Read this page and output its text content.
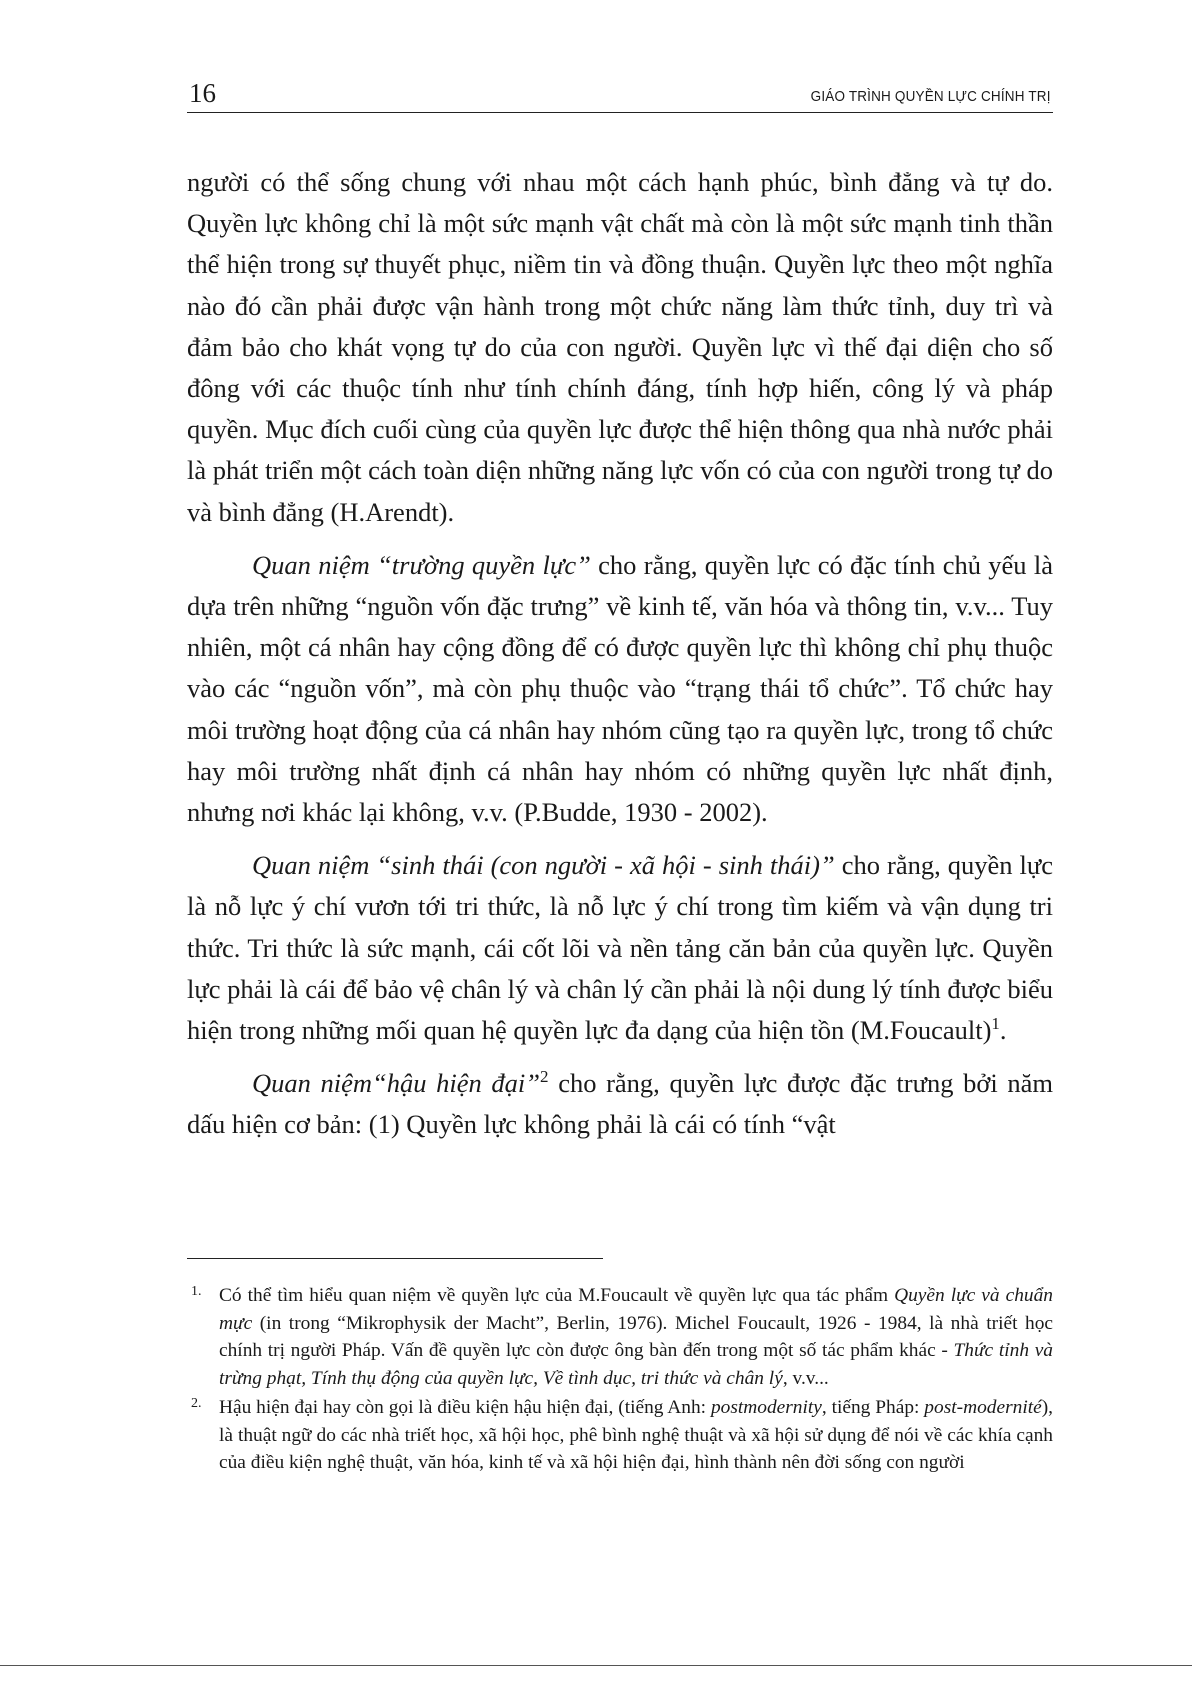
16	GIÁO TRÌNH QUYỀN LỰC CHÍNH TRỊ

người có thể sống chung với nhau một cách hạnh phúc, bình đẳng và tự do. Quyền lực không chỉ là một sức mạnh vật chất mà còn là một sức mạnh tinh thần thể hiện trong sự thuyết phục, niềm tin và đồng thuận. Quyền lực theo một nghĩa nào đó cần phải được vận hành trong một chức năng làm thức tỉnh, duy trì và đảm bảo cho khát vọng tự do của con người. Quyền lực vì thế đại diện cho số đông với các thuộc tính như tính chính đáng, tính hợp hiến, công lý và pháp quyền. Mục đích cuối cùng của quyền lực được thể hiện thông qua nhà nước phải là phát triển một cách toàn diện những năng lực vốn có của con người trong tự do và bình đẳng (H.Arendt).

Quan niệm “trường quyền lực” cho rằng, quyền lực có đặc tính chủ yếu là dựa trên những “nguồn vốn đặc trưng” về kinh tế, văn hóa và thông tin, v.v... Tuy nhiên, một cá nhân hay cộng đồng để có được quyền lực thì không chỉ phụ thuộc vào các “nguồn vốn”, mà còn phụ thuộc vào “trạng thái tổ chức”. Tổ chức hay môi trường hoạt động của cá nhân hay nhóm cũng tạo ra quyền lực, trong tổ chức hay môi trường nhất định cá nhân hay nhóm có những quyền lực nhất định, nhưng nơi khác lại không, v.v. (P.Budde, 1930 - 2002).

Quan niệm “sinh thái (con người - xã hội - sinh thái)” cho rằng, quyền lực là nỗ lực ý chí vươn tới tri thức, là nỗ lực ý chí trong tìm kiếm và vận dụng tri thức. Tri thức là sức mạnh, cái cốt lõi và nền tảng căn bản của quyền lực. Quyền lực phải là cái để bảo vệ chân lý và chân lý cần phải là nội dung lý tính được biểu hiện trong những mối quan hệ quyền lực đa dạng của hiện tồn (M.Foucault)$^1$.

Quan niệm“hậu hiện đại”$^2$ cho rằng, quyền lực được đặc trưng bởi năm dấu hiện cơ bản: (1) Quyền lực không phải là cái có tính “vật

1. Có thể tìm hiểu quan niệm về quyền lực của M.Foucault về quyền lực qua tác phẩm Quyền lực và chuẩn mực (in trong “Mikrophysik der Macht”, Berlin, 1976). Michel Foucault, 1926 - 1984, là nhà triết học chính trị người Pháp. Vấn đề quyền lực còn được ông bàn đến trong một số tác phẩm khác - Thức tỉnh và trừng phạt, Tính thụ động của quyền lực, Về tình dục, tri thức và chân lý, v.v...
2. Hậu hiện đại hay còn gọi là điều kiện hậu hiện đại, (tiếng Anh: postmodernity, tiếng Pháp: post-modernité), là thuật ngữ do các nhà triết học, xã hội học, phê bình nghệ thuật và xã hội sử dụng để nói về các khía cạnh của điều kiện nghệ thuật, văn hóa, kinh tế và xã hội hiện đại, hình thành nên đời sống con người
